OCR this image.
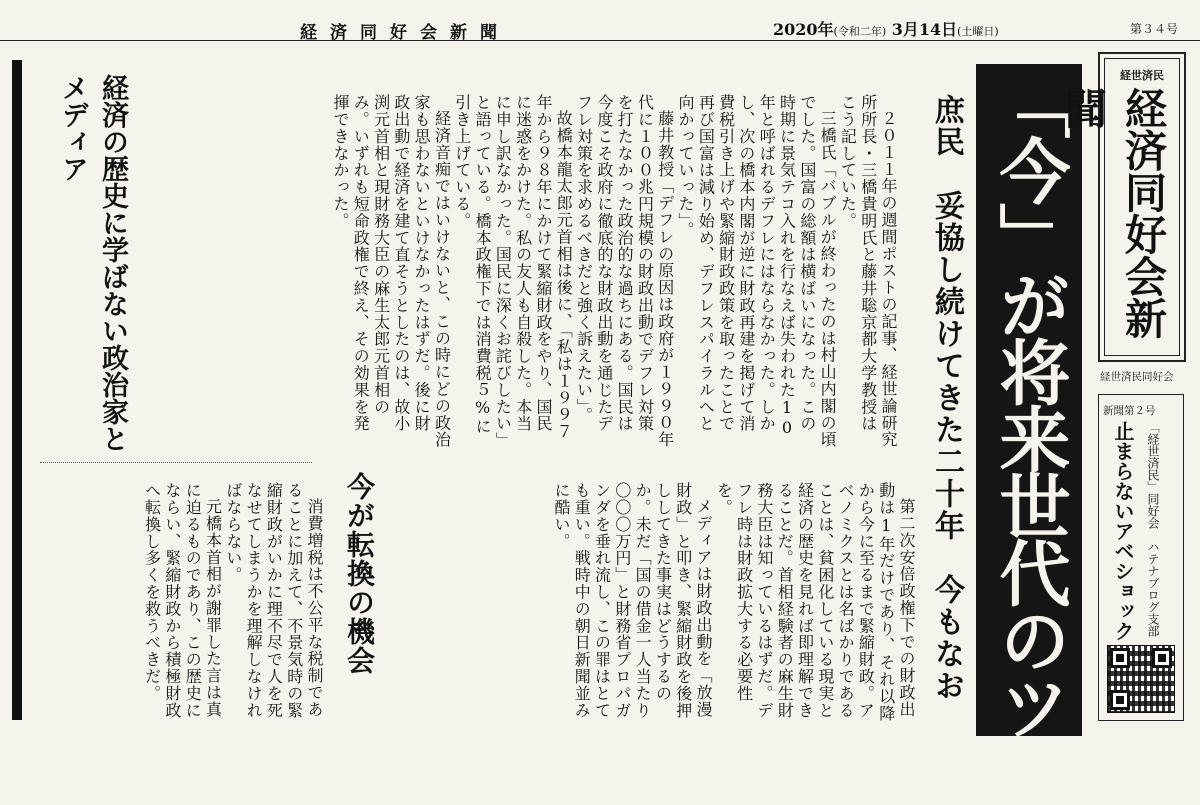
経済同好会新聞	2020年(令和二年) 3月14日(土曜日)	第３４号
経済の歴史に学ばない政治家とメディア	２０１１年の週間ポストの記事、経世論研究所所長・三橋貴明氏と藤井聡京都大学教授はこう記していた。

三橋氏「バブルが終わったのは村山内閣の頃でした。国富の総額は横ばいになった。この時期に景気テコ入れを行なえば失われた10年と呼ばれるデフレにはならなかった。しかし、次の橋本内閣が逆に財政再建を掲げて消費税引き上げや緊縮財政政策を取ったことで再び国富は減り始め、デフレスパイラルへと向かっていった」。

藤井教授「デフレの原因は政府が１９９０年代に１００兆円規模の財政出動でデフレ対策を打たなかった政治的な過ちにある。国民は今度こそ政府に徹底的な財政出動を通じたデフレ対策を求めるべきだと強く訴えたい」。

故橋本龍太郎元首相は後に、「私は１９９７年から９８年にかけて緊縮財政をやり、国民に迷惑をかけた。私の友人も自殺した。本当に申し訳なかった。国民に深くお詫びしたい」と語っている。橋本政権下では消費税５%に引き上げている。

経済音痴ではいけないと、この時にどの政治家も思わないといけなかったはずだ。後に財政出動で経済を建て直そうとしたのは、故小渕元首相と現財務大臣の麻生太郎元首相のみ。いずれも短命政権で終え、その効果を発揮できなかった。	庶民　妥協し続けてきた二十年　今もなお

第二次安倍政権下での財政出動は1年だけであり、それ以降から今に至るまで緊縮財政。アベノミクスとは名ばかりであることは、貧困化している現実と経済の歴史を見れば即理解できることだ。首相経験者の麻生財務大臣は知っているはずだ。デフレ時は財政拡大する必要性を。

メディアは財政出動を「放漫財政」と叩き、緊縮財政を後押ししてきた事実はどうするのか。未だ「国の借金一人当たり〇〇〇万円」と財務省プロパガンダを垂れ流し、この罪はとても重い。戦時中の朝日新聞並みに酷い。

今が転換の機会

消費増税は不公平な税制であることに加えて、不景気時の緊縮財政がいかに理不尽で人を死なせてしまうかを理解しなければならない。

元橋本首相が謝罪した言は真に迫るものであり、この歴史にならい、緊縮財政から積極財政へ転換し多くを救うべきだ。	「今」が将来世代のツケ	経世済民
経済同好会新聞
経世済民同好会
新聞第２号
「経世済民」同好会　ハテナブログ支部
止まらないアベショック
